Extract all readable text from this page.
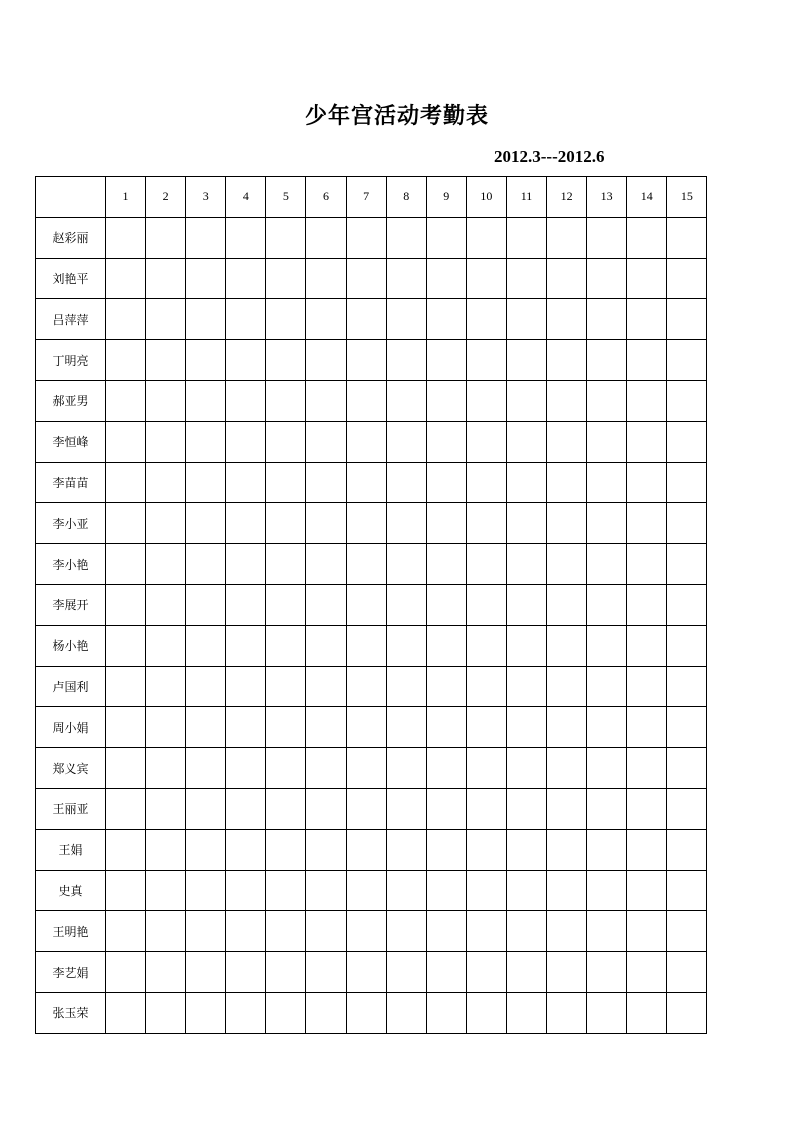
少年宫活动考勤表
2012.3---2012.6
	1	2	3	4	5	6	7	8	9	10	11	12	13	14	15
赵彩丽															
刘艳平															
吕萍萍															
丁明亮															
郝亚男															
李恒峰															
李苗苗															
李小亚															
李小艳															
李展开															
杨小艳															
卢国利															
周小娟															
郑义宾															
王丽亚															
王娟															
史真															
王明艳															
李艺娟															
张玉荣															
